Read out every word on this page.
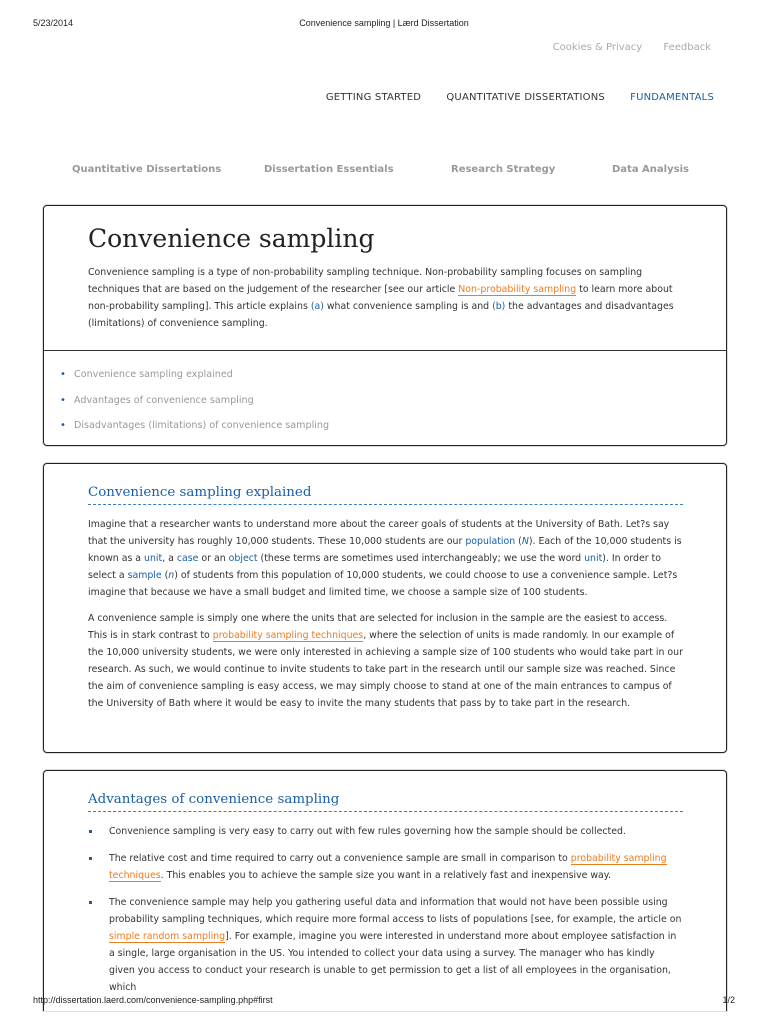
5/23/2014	Convenience sampling | Lærd Dissertation
Cookies & Privacy Feedback
GETTING STARTED	QUANTITATIVE DISSERTATIONS	FUNDAMENTALS
Quantitative Dissertations	Dissertation Essentials	Research Strategy	Data Analysis
Convenience sampling

Convenience sampling is a type of non-probability sampling technique. Non-probability sampling focuses on sampling techniques that are based on the judgement of the researcher [see our article Non-probability sampling to learn more about non-probability sampling]. This article explains (a) what convenience sampling is and (b) the advantages and disadvantages (limitations) of convenience sampling.

• Convenience sampling explained
• Advantages of convenience sampling
• Disadvantages (limitations) of convenience sampling
Convenience sampling explained

Imagine that a researcher wants to understand more about the career goals of students at the University of Bath. Let?s say that the university has roughly 10,000 students. These 10,000 students are our population (N). Each of the 10,000 students is known as a unit, a case or an object (these terms are sometimes used interchangeably; we use the word unit). In order to select a sample (n) of students from this population of 10,000 students, we could choose to use a convenience sample. Let?s imagine that because we have a small budget and limited time, we choose a sample size of 100 students.

A convenience sample is simply one where the units that are selected for inclusion in the sample are the easiest to access. This is in stark contrast to probability sampling techniques, where the selection of units is made randomly. In our example of the 10,000 university students, we were only interested in achieving a sample size of 100 students who would take part in our research. As such, we would continue to invite students to take part in the research until our sample size was reached. Since the aim of convenience sampling is easy access, we may simply choose to stand at one of the main entrances to campus of the University of Bath where it would be easy to invite the many students that pass by to take part in the research.

Advantages of convenience sampling
Convenience sampling is very easy to carry out with few rules governing how the sample should be collected.
The relative cost and time required to carry out a convenience sample are small in comparison to probability sampling techniques. This enables you to achieve the sample size you want in a relatively fast and inexpensive way.
The convenience sample may help you gathering useful data and information that would not have been possible using probability sampling techniques, which require more formal access to lists of populations [see, for example, the article on simple random sampling]. For example, imagine you were interested in understand more about employee satisfaction in a single, large organisation in the US. You intended to collect your data using a survey. The manager who has kindly given you access to conduct your research is unable to get permission to get a list of all employees in the organisation, which
http://dissertation.laerd.com/convenience-sampling.php#first	1/2
